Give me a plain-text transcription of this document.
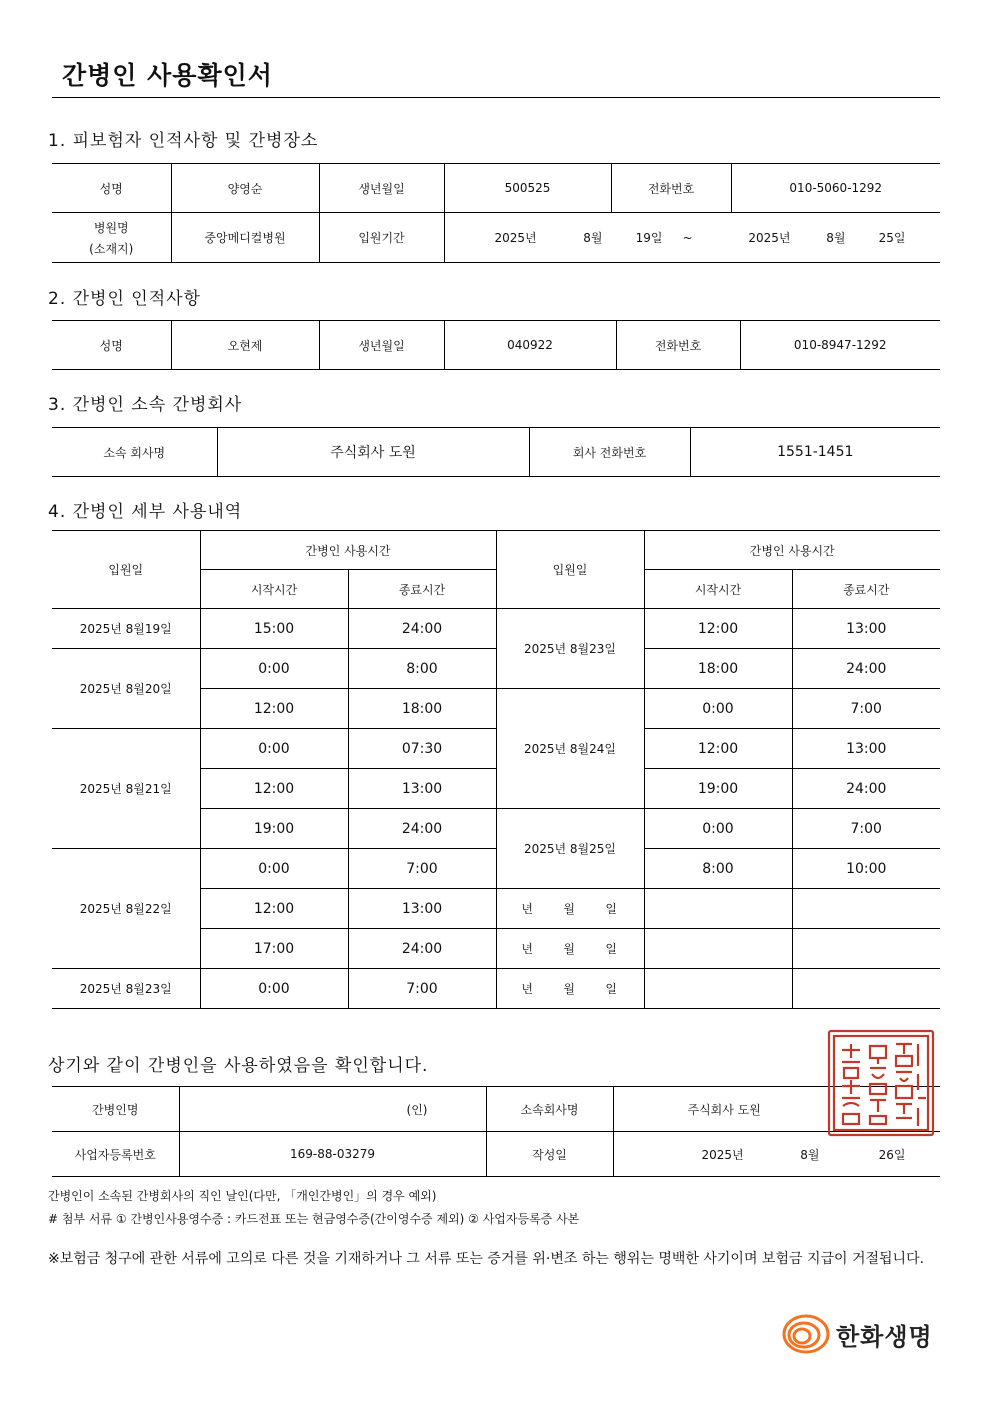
간병인 사용확인서
1. 피보험자 인적사항 및 간병장소
성명	양영순	생년월일	500525	전화번호	010-5060-1292

병원명
(소재지)	중앙메디컬병원	입원기간	2025년 8월 19일 ~ 2025년 8월 25일		
2. 간병인 인적사항
성명	오현제	생년월일	040922	전화번호	010-8947-1292
3. 간병인 소속 간병회사
소속 회사명	주식회사 도원	회사 전화번호	1551-1451
4. 간병인 세부 사용내역
입원일	간병인 사용시간		입원일	간병인 사용시간	
	시작시간	종료시간		시작시간	종료시간
2025년 8월19일	15:00	24:00	2025년 8월23일	12:00	13:00
2025년 8월20일	0:00	8:00		18:00	24:00
	12:00	18:00	2025년 8월24일	0:00	7:00
2025년 8월21일	0:00	07:30		12:00	13:00
	12:00	13:00		19:00	24:00
	19:00	24:00	2025년 8월25일	0:00	7:00
2025년 8월22일	0:00	7:00		8:00	10:00
	12:00	13:00	년 월 일		
	17:00	24:00	년 월 일		
2025년 8월23일	0:00	7:00	년 월 일		
상기와 같이 간병인을 사용하였음을 확인합니다.
간병인명	(인)	소속회사명	주식회사 도원
사업자등록번호	169-88-03279	작성일	2025년 8월 26일
간병인이 소속된 간병회사의 직인 날인(다만, 「개인간병인」의 경우 예외)
# 첨부 서류 ① 간병인사용영수증 : 카드전표 또는 현금영수증(간이영수증 제외) ② 사업자등록증 사본
※보험금 청구에 관한 서류에 고의로 다른 것을 기재하거나 그 서류 또는 증거를 위·변조 하는 행위는 명백한 사기이며 보험금 지급이 거절됩니다.
한화생명
